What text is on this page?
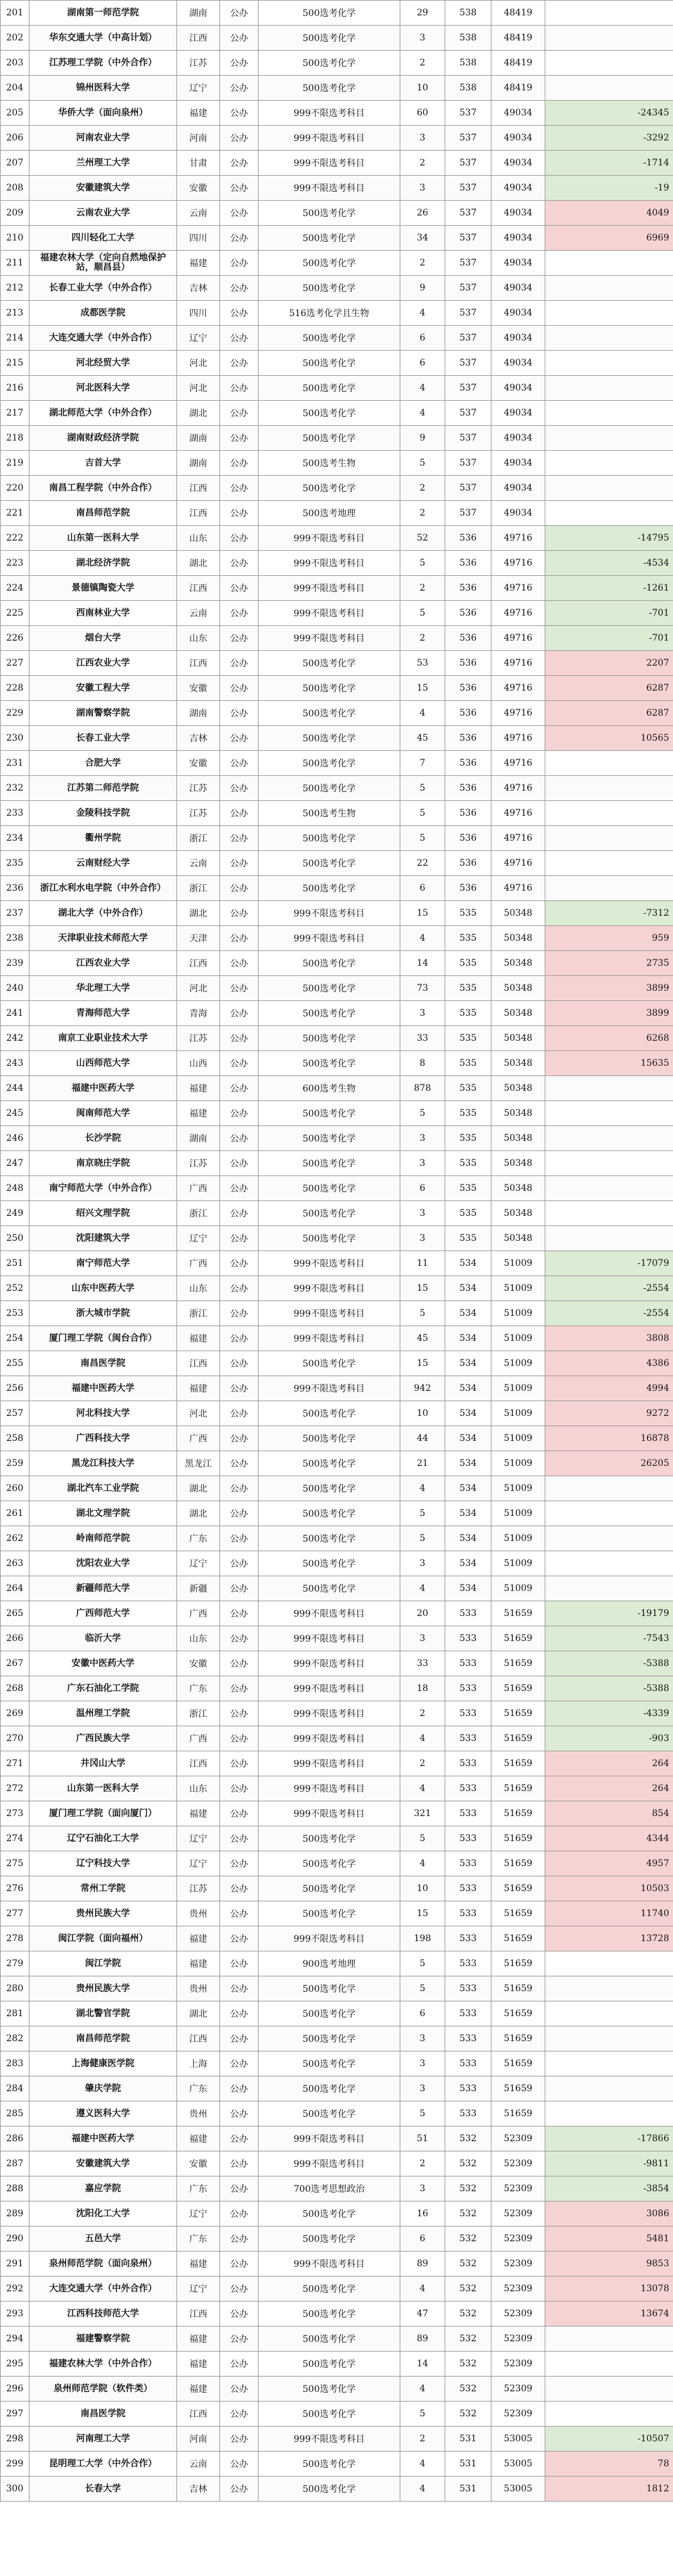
201	湖南第一师范学院	湖南	公办	500选考化学	29	538	48419	
202	华东交通大学（中高计划）	江西	公办	500选考化学	3	538	48419	
203	江苏理工学院（中外合作）	江苏	公办	500选考化学	2	538	48419	
204	锦州医科大学	辽宁	公办	500选考化学	10	538	48419	
205	华侨大学（面向泉州）	福建	公办	999不限选考科目	60	537	49034	-24345
206	河南农业大学	河南	公办	999不限选考科目	3	537	49034	-3292
207	兰州理工大学	甘肃	公办	999不限选考科目	2	537	49034	-1714
208	安徽建筑大学	安徽	公办	999不限选考科目	3	537	49034	-19
209	云南农业大学	云南	公办	500选考化学	26	537	49034	4049
210	四川轻化工大学	四川	公办	500选考化学	34	537	49034	6969
211	福建农林大学（定向自然地保护站，顺昌县）	福建	公办	500选考化学	2	537	49034	
212	长春工业大学（中外合作）	吉林	公办	500选考化学	9	537	49034	
213	成都医学院	四川	公办	516选考化学且生物	4	537	49034	
214	大连交通大学（中外合作）	辽宁	公办	500选考化学	6	537	49034	
215	河北经贸大学	河北	公办	500选考化学	6	537	49034	
216	河北医科大学	河北	公办	500选考化学	4	537	49034	
217	湖北师范大学（中外合作）	湖北	公办	500选考化学	4	537	49034	
218	湖南财政经济学院	湖南	公办	500选考化学	9	537	49034	
219	吉首大学	湖南	公办	500选考生物	5	537	49034	
220	南昌工程学院（中外合作）	江西	公办	500选考化学	2	537	49034	
221	南昌师范学院	江西	公办	500选考地理	2	537	49034	
222	山东第一医科大学	山东	公办	999不限选考科目	52	536	49716	-14795
223	湖北经济学院	湖北	公办	999不限选考科目	5	536	49716	-4534
224	景德镇陶瓷大学	江西	公办	999不限选考科目	2	536	49716	-1261
225	西南林业大学	云南	公办	999不限选考科目	5	536	49716	-701
226	烟台大学	山东	公办	999不限选考科目	2	536	49716	-701
227	江西农业大学	江西	公办	500选考化学	53	536	49716	2207
228	安徽工程大学	安徽	公办	500选考化学	15	536	49716	6287
229	湖南警察学院	湖南	公办	500选考化学	4	536	49716	6287
230	长春工业大学	吉林	公办	500选考化学	45	536	49716	10565
231	合肥大学	安徽	公办	500选考化学	7	536	49716	
232	江苏第二师范学院	江苏	公办	500选考化学	5	536	49716	
233	金陵科技学院	江苏	公办	500选考生物	5	536	49716	
234	衢州学院	浙江	公办	500选考化学	5	536	49716	
235	云南财经大学	云南	公办	500选考化学	22	536	49716	
236	浙江水利水电学院（中外合作）	浙江	公办	500选考化学	6	536	49716	
237	湖北大学（中外合作）	湖北	公办	999不限选考科目	15	535	50348	-7312
238	天津职业技术师范大学	天津	公办	999不限选考科目	4	535	50348	959
239	江西农业大学	江西	公办	500选考化学	14	535	50348	2735
240	华北理工大学	河北	公办	500选考化学	73	535	50348	3899
241	青海师范大学	青海	公办	500选考化学	3	535	50348	3899
242	南京工业职业技术大学	江苏	公办	500选考化学	33	535	50348	6268
243	山西师范大学	山西	公办	500选考化学	8	535	50348	15635
244	福建中医药大学	福建	公办	600选考生物	878	535	50348	
245	闽南师范大学	福建	公办	500选考化学	5	535	50348	
246	长沙学院	湖南	公办	500选考化学	3	535	50348	
247	南京晓庄学院	江苏	公办	500选考化学	3	535	50348	
248	南宁师范大学（中外合作）	广西	公办	500选考化学	6	535	50348	
249	绍兴文理学院	浙江	公办	500选考化学	3	535	50348	
250	沈阳建筑大学	辽宁	公办	500选考化学	3	535	50348	
251	南宁师范大学	广西	公办	999不限选考科目	11	534	51009	-17079
252	山东中医药大学	山东	公办	999不限选考科目	15	534	51009	-2554
253	浙大城市学院	浙江	公办	999不限选考科目	5	534	51009	-2554
254	厦门理工学院（闽台合作）	福建	公办	999不限选考科目	45	534	51009	3808
255	南昌医学院	江西	公办	500选考化学	15	534	51009	4386
256	福建中医药大学	福建	公办	999不限选考科目	942	534	51009	4994
257	河北科技大学	河北	公办	500选考化学	10	534	51009	9272
258	广西科技大学	广西	公办	500选考化学	44	534	51009	16878
259	黑龙江科技大学	黑龙江	公办	500选考化学	21	534	51009	26205
260	湖北汽车工业学院	湖北	公办	500选考化学	4	534	51009	
261	湖北文理学院	湖北	公办	500选考化学	5	534	51009	
262	岭南师范学院	广东	公办	500选考化学	5	534	51009	
263	沈阳农业大学	辽宁	公办	500选考化学	3	534	51009	
264	新疆师范大学	新疆	公办	500选考化学	4	534	51009	
265	广西师范大学	广西	公办	999不限选考科目	20	533	51659	-19179
266	临沂大学	山东	公办	999不限选考科目	3	533	51659	-7543
267	安徽中医药大学	安徽	公办	999不限选考科目	33	533	51659	-5388
268	广东石油化工学院	广东	公办	999不限选考科目	18	533	51659	-5388
269	温州理工学院	浙江	公办	999不限选考科目	2	533	51659	-4339
270	广西民族大学	广西	公办	999不限选考科目	4	533	51659	-903
271	井冈山大学	江西	公办	999不限选考科目	2	533	51659	264
272	山东第一医科大学	山东	公办	999不限选考科目	4	533	51659	264
273	厦门理工学院（面向厦门）	福建	公办	999不限选考科目	321	533	51659	854
274	辽宁石油化工大学	辽宁	公办	500选考化学	5	533	51659	4344
275	辽宁科技大学	辽宁	公办	500选考化学	4	533	51659	4957
276	常州工学院	江苏	公办	500选考化学	10	533	51659	10503
277	贵州民族大学	贵州	公办	500选考化学	15	533	51659	11740
278	闽江学院（面向福州）	福建	公办	999不限选考科目	198	533	51659	13728
279	闽江学院	福建	公办	900选考地理	5	533	51659	
280	贵州民族大学	贵州	公办	500选考化学	5	533	51659	
281	湖北警官学院	湖北	公办	500选考化学	6	533	51659	
282	南昌师范学院	江西	公办	500选考化学	3	533	51659	
283	上海健康医学院	上海	公办	500选考化学	3	533	51659	
284	肇庆学院	广东	公办	500选考化学	3	533	51659	
285	遵义医科大学	贵州	公办	500选考化学	5	533	51659	
286	福建中医药大学	福建	公办	999不限选考科目	51	532	52309	-17866
287	安徽建筑大学	安徽	公办	999不限选考科目	2	532	52309	-9811
288	嘉应学院	广东	公办	700选考思想政治	3	532	52309	-3854
289	沈阳化工大学	辽宁	公办	500选考化学	16	532	52309	3086
290	五邑大学	广东	公办	500选考化学	6	532	52309	5481
291	泉州师范学院（面向泉州）	福建	公办	999不限选考科目	89	532	52309	9853
292	大连交通大学（中外合作）	辽宁	公办	500选考化学	4	532	52309	13078
293	江西科技师范大学	江西	公办	500选考化学	47	532	52309	13674
294	福建警察学院	福建	公办	500选考化学	89	532	52309	
295	福建农林大学（中外合作）	福建	公办	500选考化学	14	532	52309	
296	泉州师范学院（软件类）	福建	公办	500选考化学	4	532	52309	
297	南昌医学院	江西	公办	500选考化学	5	532	52309	
298	河南理工大学	河南	公办	999不限选考科目	2	531	53005	-10507
299	昆明理工大学（中外合作）	云南	公办	500选考化学	4	531	53005	78
300	长春大学	吉林	公办	500选考化学	4	531	53005	1812
